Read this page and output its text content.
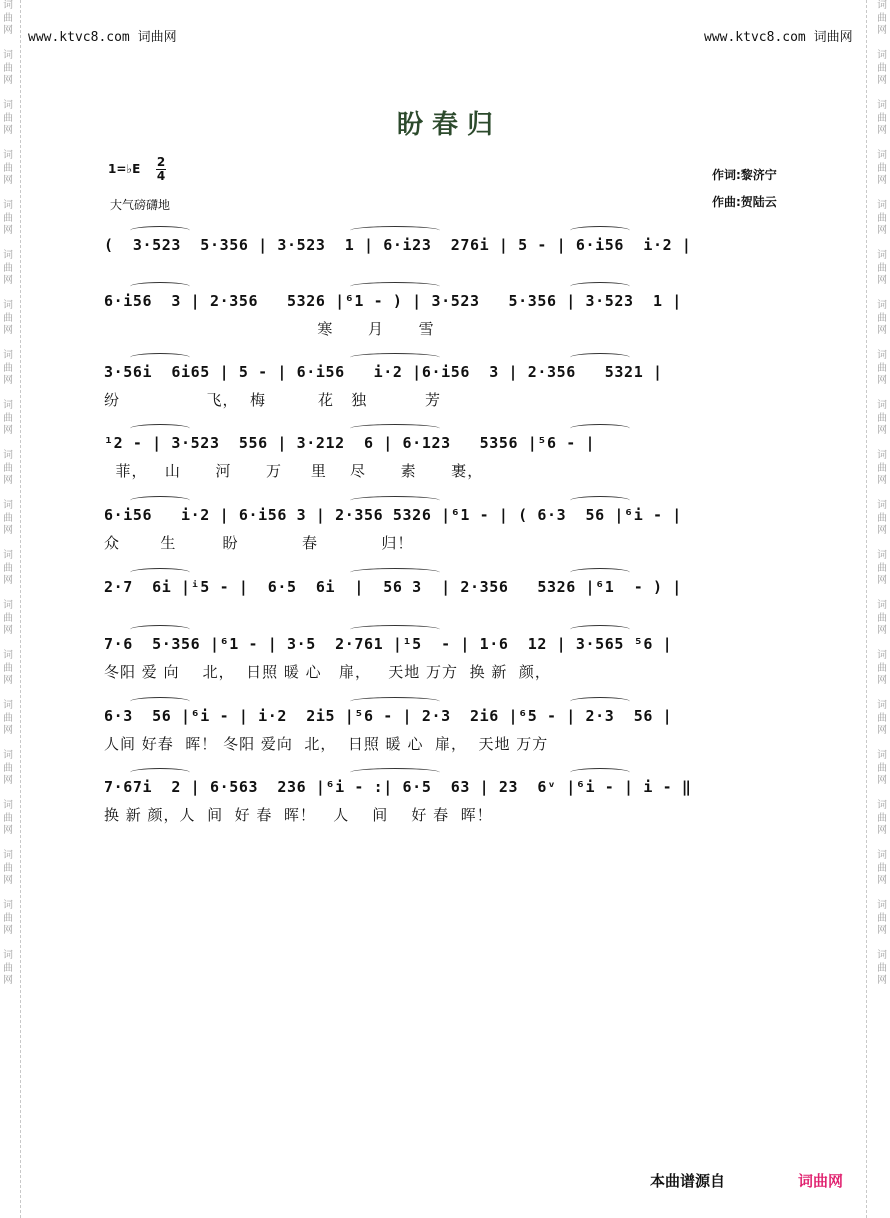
词
曲
网

词
曲
网

词
曲
网

词
曲
网

词
曲
网

词
曲
网

词
曲
网

词
曲
网

词
曲
网

词
曲
网

词
曲
网

词
曲
网

词
曲
网

词
曲
网

词
曲
网

词
曲
网

词
曲
网

词
曲
网

词
曲
网

词
曲
网
词
曲
网

词
曲
网

词
曲
网

词
曲
网

词
曲
网

词
曲
网

词
曲
网

词
曲
网

词
曲
网

词
曲
网

词
曲
网

词
曲
网

词
曲
网

词
曲
网

词
曲
网

词
曲
网

词
曲
网

词
曲
网

词
曲
网

词
曲
网
www.ktvc8.com 词曲网	www.ktvc8.com 词曲网
盼 春 归
1=♭E 2
4
大气磅礴地
作词:黎济宁
作曲:贺陆云
(  3·523  5·356 | 3·523  1 | 6·i23  276i | 5 - | 6·i56  i·2 |
6·i56  3 | 2·356   5326 |⁶1 - ) | 3·523   5·356 | 3·523  1 |
寒      月      雪
3·56i  6i65 | 5 - | 6·i56   i·2 |6·i56  3 | 2·356   5321 |
纷               飞，  梅         花   独          芳
¹2 - | 3·523  556 | 3·212  6 | 6·123   5356 |⁵6 - |
菲，   山      河      万     里    尽      素      裹，
6·i56   i·2 | 6·i56 3 | 2·356 5326 |⁶1 - | ( 6·3  56 |⁶i - |
众       生        盼           春           归！
2·7  6i |ⁱ5 - |  6·5  6i  |  56 3  | 2·356   5326 |⁶1  - ) |
7·6  5·356 |⁶1 - | 3·5  2·761 |¹5  - | 1·6  12 | 3·565 ⁵6 |
冬阳 爱 向    北，  日照 暖 心   扉，   天地 万方  换 新  颜，
6·3  56 |⁶i - | i·2  2i5 |⁵6 - | 2·3  2i6 |⁶5 - | 2·3  56 |
人间 好春  晖！ 冬阳 爱向  北，  日照 暖 心  扉，  天地 万方
7·67i  2 | 6·563  236 |⁶i - :| 6·5  63 | 23  6ᵛ |⁶i - | i - ‖
换 新 颜，人  间  好 春  晖！   人    间    好 春  晖！
本曲谱源自	词曲网
